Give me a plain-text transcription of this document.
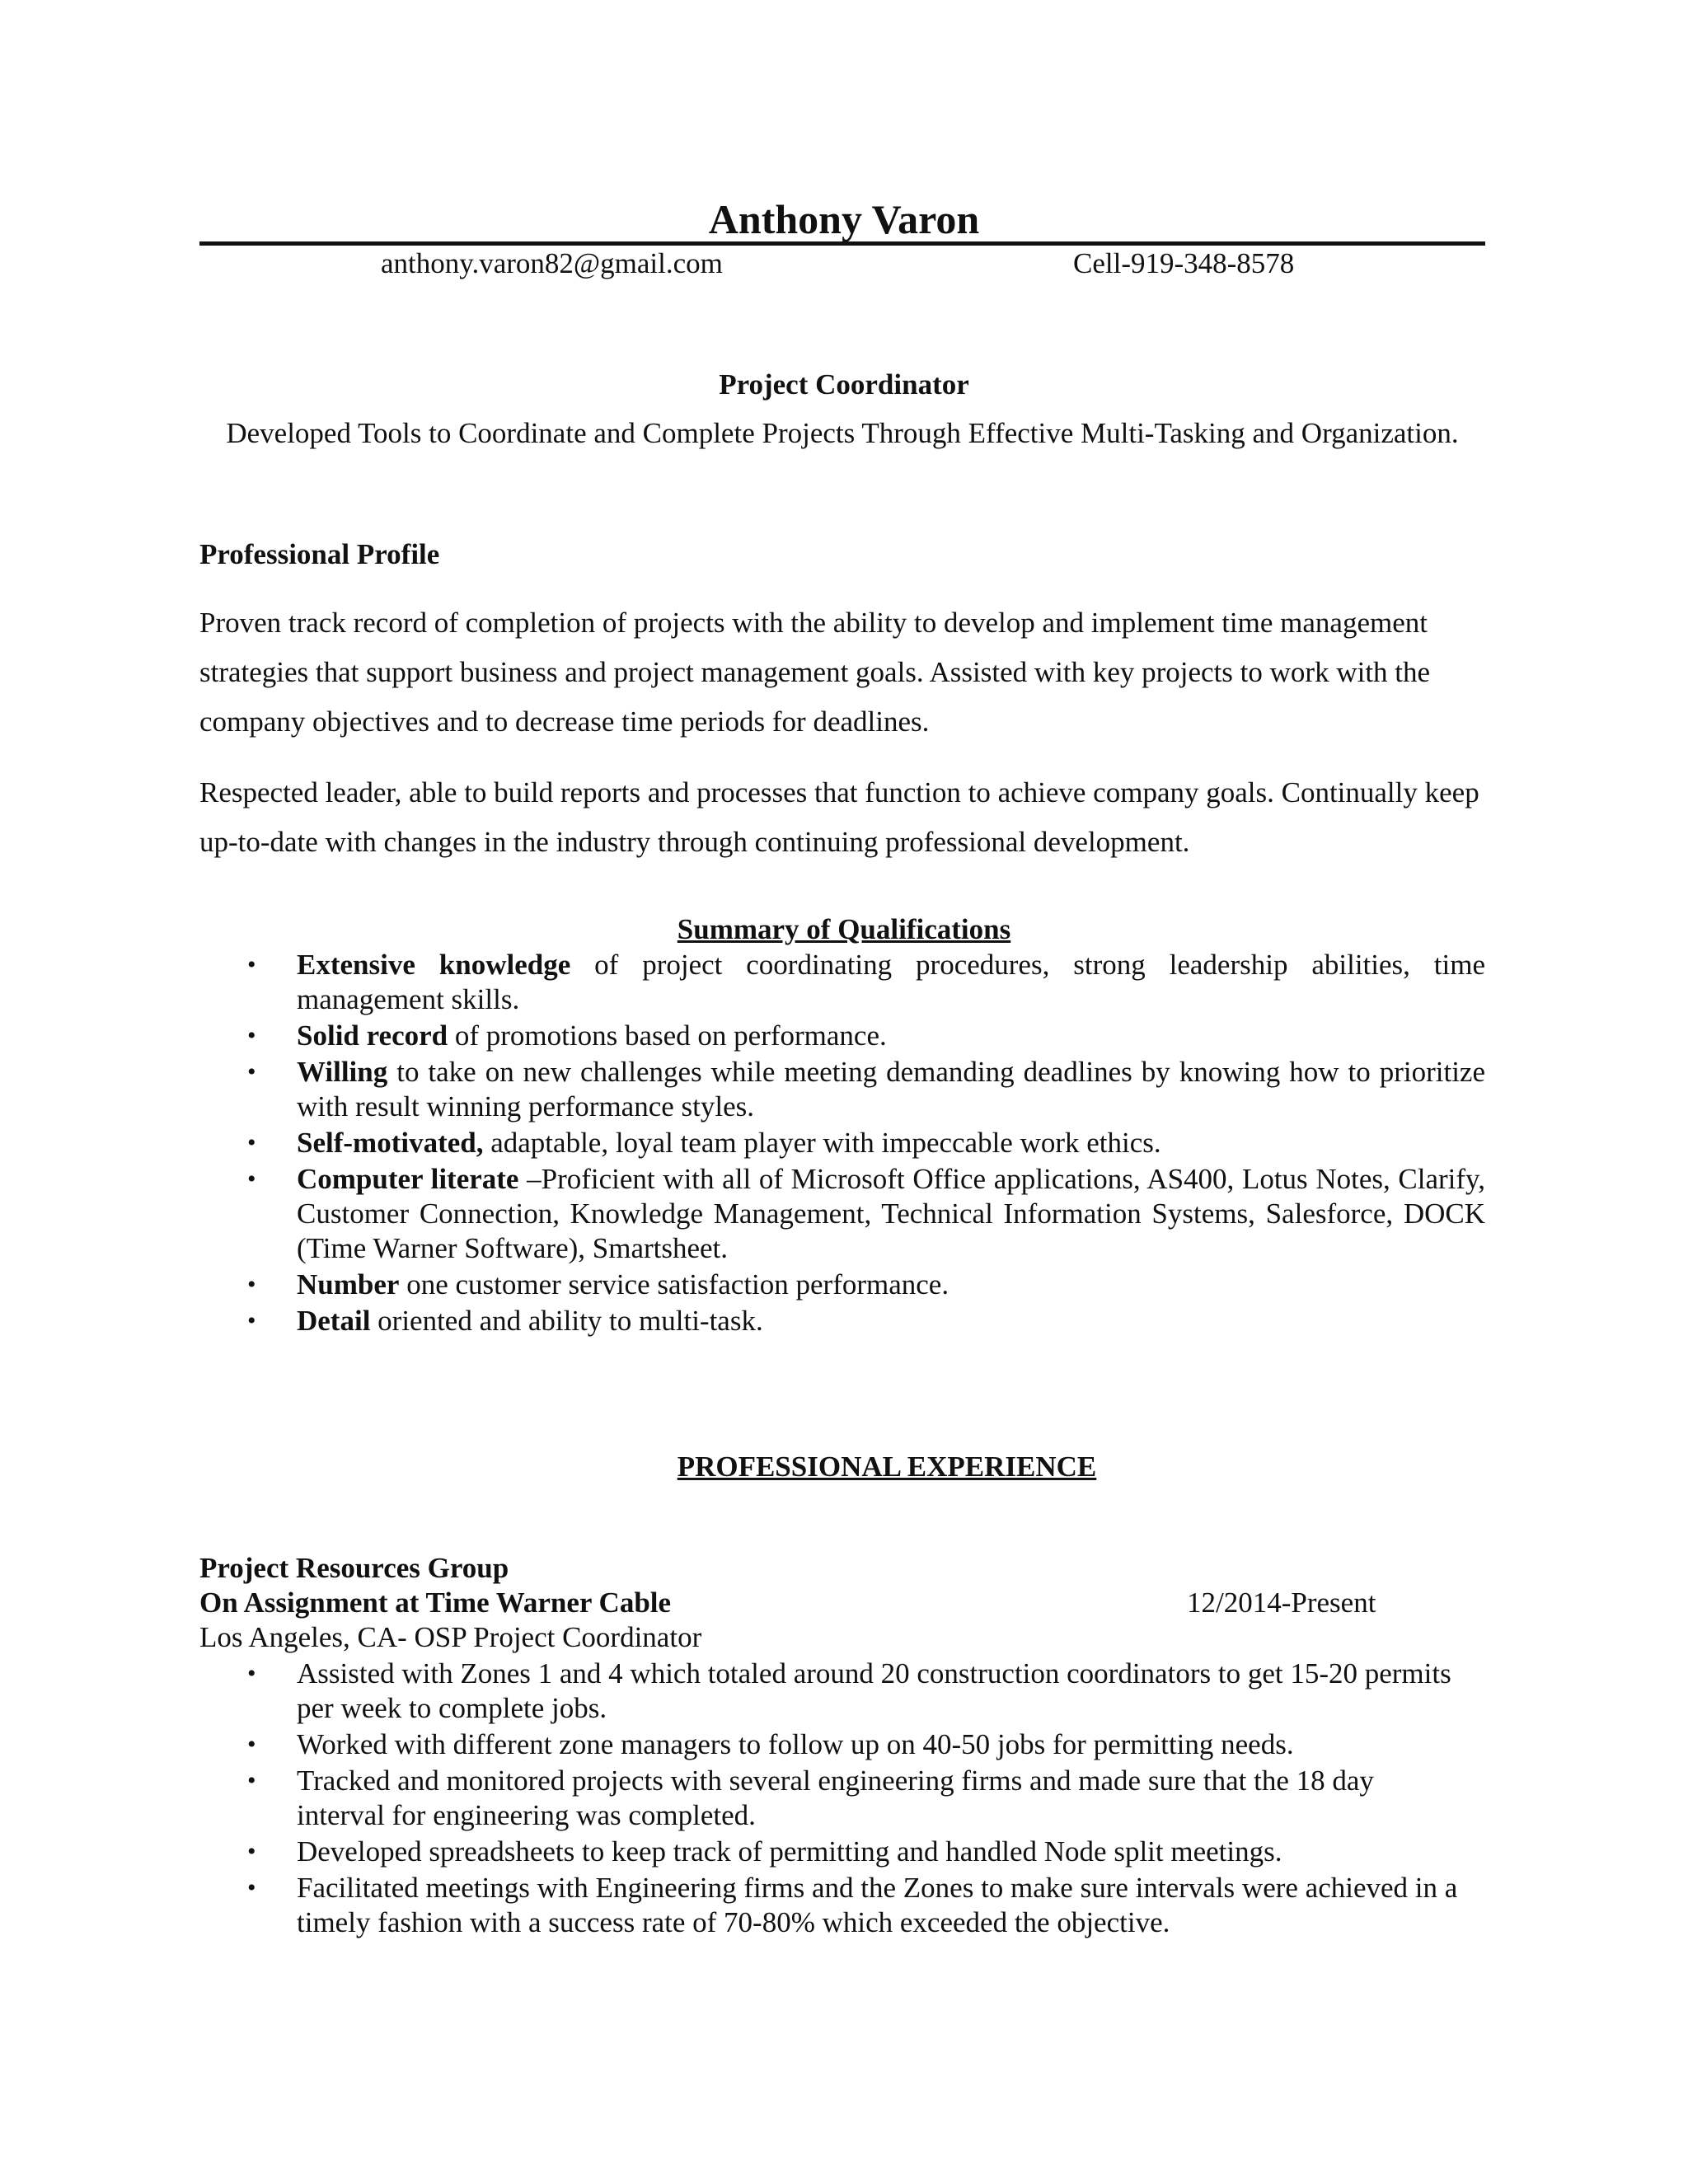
Anthony Varon
anthony.varon82@gmail.com	Cell-919-348-8578
Project Coordinator

Developed Tools to Coordinate and Complete Projects Through Effective Multi-Tasking and Organization.

Professional Profile

Proven track record of completion of projects with the ability to develop and implement time management strategies that support business and project management goals. Assisted with key projects to work with the company objectives and to decrease time periods for deadlines.

Respected leader, able to build reports and processes that function to achieve company goals. Continually keep up-to-date with changes in the industry through continuing professional development.

Summary of Qualifications
• Extensive knowledge of project coordinating procedures, strong leadership abilities, time management skills.
• Solid record of promotions based on performance.
• Willing to take on new challenges while meeting demanding deadlines by knowing how to prioritize with result winning performance styles.
• Self-motivated, adaptable, loyal team player with impeccable work ethics.
• Computer literate –Proficient with all of Microsoft Office applications, AS400, Lotus Notes, Clarify, Customer Connection, Knowledge Management, Technical Information Systems, Salesforce, DOCK (Time Warner Software), Smartsheet.
• Number one customer service satisfaction performance.
• Detail oriented and ability to multi-task.
PROFESSIONAL EXPERIENCE
Project Resources Group
On Assignment at Time Warner Cable	12/2014-Present
Los Angeles, CA- OSP Project Coordinator
• Assisted with Zones 1 and 4 which totaled around 20 construction coordinators to get 15-20 permits per week to complete jobs.
• Worked with different zone managers to follow up on 40-50 jobs for permitting needs.
• Tracked and monitored projects with several engineering firms and made sure that the 18 day interval for engineering was completed.
• Developed spreadsheets to keep track of permitting and handled Node split meetings.
• Facilitated meetings with Engineering firms and the Zones to make sure intervals were achieved in a timely fashion with a success rate of 70-80% which exceeded the objective.
